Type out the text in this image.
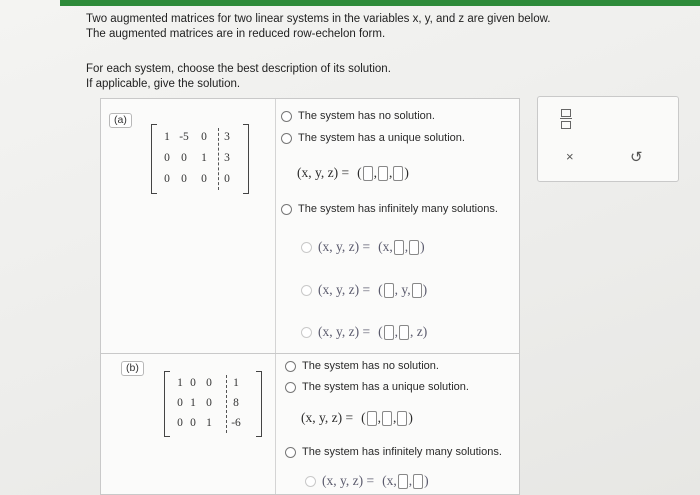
Two augmented matrices for two linear systems in the variables x, y, and z are given below.

The augmented matrices are in reduced row-echelon form.

For each system, choose the best description of its solution.

If applicable, give the solution.

(a)
1 -5	0	3
0 0	1	3
0 0	0	0
The system has no solution.
The system has a unique solution.
(x, y, z) = ( ,
, )
The system has infinitely many solutions.
(x, y, z) = (x, , )
(x, y, z) = ( , y, )
(x, y, z) = ( , , z)
(b)
1 0 0	1
0 1 0	8
0 0 1	-6
The system has no solution.
The system has a unique solution.
(x, y, z) = ( ,
, )
The system has infinitely many solutions.
(x, y, z) = (x, , )
×	↺
